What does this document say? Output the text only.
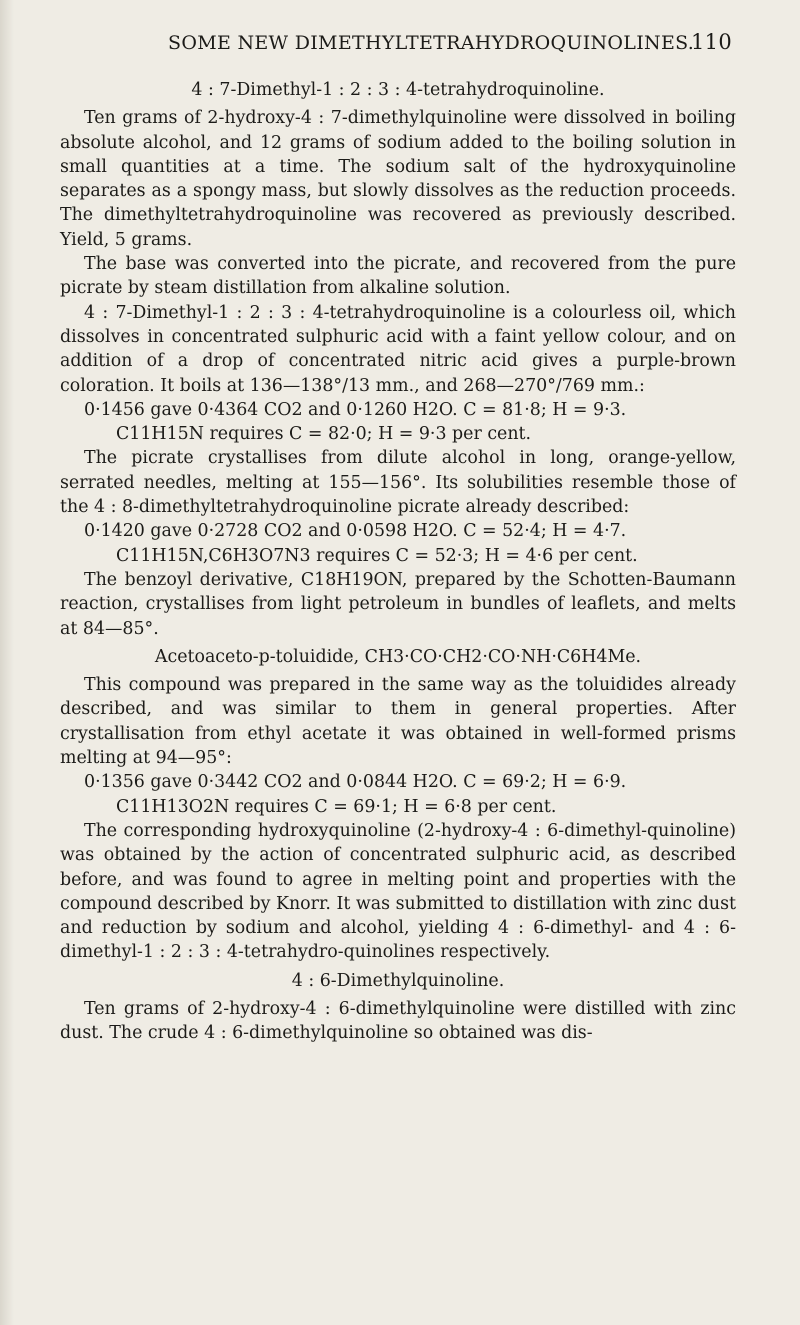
SOME NEW DIMETHYLTETRAHYDROQUINOLINES.
110

4 : 7-Dimethyl-1 : 2 : 3 : 4-tetrahydroquinoline.

Ten grams of 2-hydroxy-4 : 7-dimethylquinoline were dissolved in boiling absolute alcohol, and 12 grams of sodium added to the boiling solution in small quantities at a time. The sodium salt of the hydroxyquinoline separates as a spongy mass, but slowly dissolves as the reduction proceeds. The dimethyltetrahydroquinoline was recovered as previously described. Yield, 5 grams.

The base was converted into the picrate, and recovered from the pure picrate by steam distillation from alkaline solution.

4 : 7-Dimethyl-1 : 2 : 3 : 4-tetrahydroquinoline is a colourless oil, which dissolves in concentrated sulphuric acid with a faint yellow colour, and on addition of a drop of concentrated nitric acid gives a purple-brown coloration. It boils at 136—138°/13 mm., and 268—270°/769 mm.:

0·1456 gave 0·4364 CO2 and 0·1260 H2O. C = 81·8; H = 9·3.

C11H15N requires C = 82·0; H = 9·3 per cent.

The picrate crystallises from dilute alcohol in long, orange-yellow, serrated needles, melting at 155—156°. Its solubilities resemble those of the 4 : 8-dimethyltetrahydroquinoline picrate already described:

0·1420 gave 0·2728 CO2 and 0·0598 H2O. C = 52·4; H = 4·7.

C11H15N,C6H3O7N3 requires C = 52·3; H = 4·6 per cent.

The benzoyl derivative, C18H19ON, prepared by the Schotten-Baumann reaction, crystallises from light petroleum in bundles of leaflets, and melts at 84—85°.

Acetoaceto-p-toluidide, CH3·CO·CH2·CO·NH·C6H4Me.

This compound was prepared in the same way as the toluidides already described, and was similar to them in general properties. After crystallisation from ethyl acetate it was obtained in well-formed prisms melting at 94—95°:

0·1356 gave 0·3442 CO2 and 0·0844 H2O. C = 69·2; H = 6·9.

C11H13O2N requires C = 69·1; H = 6·8 per cent.

The corresponding hydroxyquinoline (2-hydroxy-4 : 6-dimethyl-quinoline) was obtained by the action of concentrated sulphuric acid, as described before, and was found to agree in melting point and properties with the compound described by Knorr. It was submitted to distillation with zinc dust and reduction by sodium and alcohol, yielding 4 : 6-dimethyl- and 4 : 6-dimethyl-1 : 2 : 3 : 4-tetrahydro-quinolines respectively.

4 : 6-Dimethylquinoline.

Ten grams of 2-hydroxy-4 : 6-dimethylquinoline were distilled with zinc dust. The crude 4 : 6-dimethylquinoline so obtained was dis-
